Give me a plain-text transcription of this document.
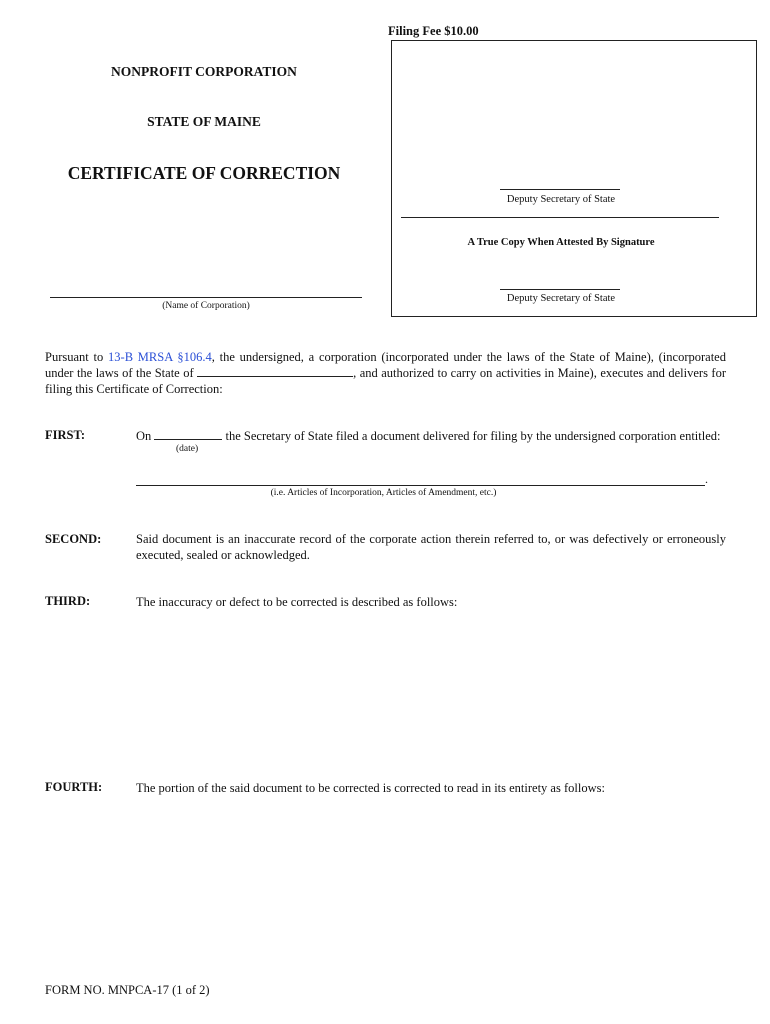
Filing Fee $10.00
NONPROFIT CORPORATION
STATE OF MAINE
CERTIFICATE OF CORRECTION
(Name of Corporation)
Deputy Secretary of State
A True Copy When Attested By Signature
Deputy Secretary of State
Pursuant to 13-B MRSA §106.4, the undersigned, a corporation (incorporated under the laws of the State of Maine), (incorporated under the laws of the State of	, and authorized to carry on activities in Maine), executes and delivers for filing this Certificate of Correction:
FIRST:	On	the Secretary of State filed a document delivered for filing by the undersigned corporation entitled:
(date)
.
(i.e. Articles of Incorporation, Articles of Amendment, etc.)
SECOND:	Said document is an inaccurate record of the corporate action therein referred to, or was defectively or erroneously executed, sealed or acknowledged.
THIRD:	The inaccuracy or defect to be corrected is described as follows:
FOURTH:	The portion of the said document to be corrected is corrected to read in its entirety as follows:
FORM NO. MNPCA-17 (1 of 2)
